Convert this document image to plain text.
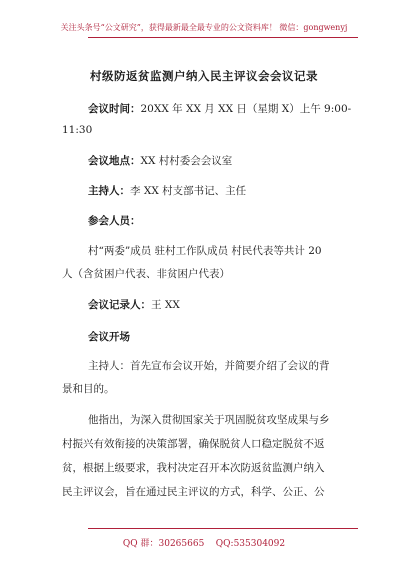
关注头条号“公文研究”，获得最新最全最专业的公文资料库！ 微信：gongwenyj
村级防返贫监测户纳入民主评议会会议记录
会议时间：20XX 年 XX 月 XX 日（星期 X）上午 9:00-
11:30
会议地点：XX 村村委会会议室
主持人：李 XX 村支部书记、主任
参会人员：
村“两委”成员 驻村工作队成员 村民代表等共计 20
人（含贫困户代表、非贫困户代表）
会议记录人：王 XX
会议开场
主持人：首先宣布会议开始，并简要介绍了会议的背
景和目的。
他指出，为深入贯彻国家关于巩固脱贫攻坚成果与乡
村振兴有效衔接的决策部署，确保脱贫人口稳定脱贫不返
贫，根据上级要求，我村决定召开本次防返贫监测户纳入
民主评议会，旨在通过民主评议的方式，科学、公正、公
QQ 群：30265665 QQ:535304092
